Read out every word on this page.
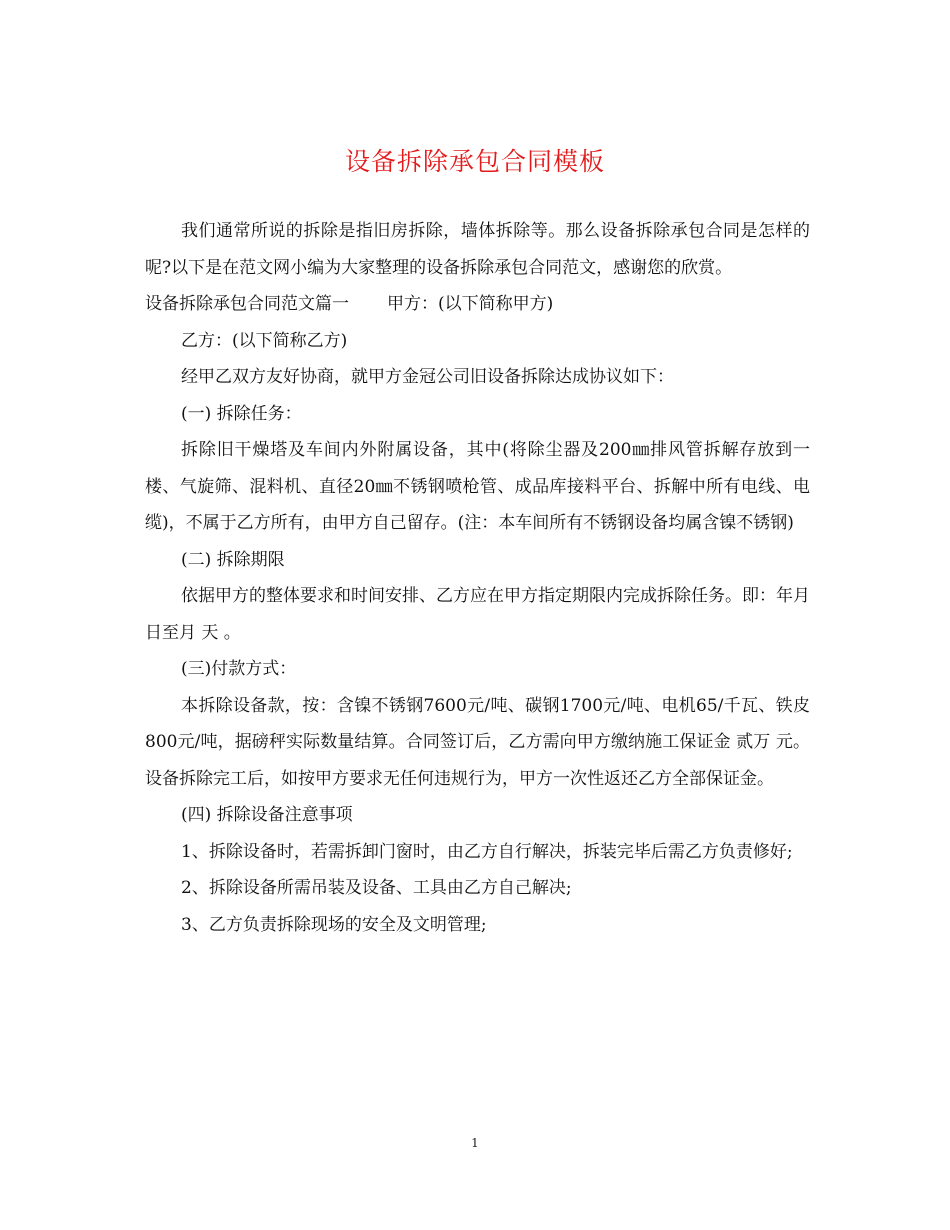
设备拆除承包合同模板

我们通常所说的拆除是指旧房拆除，墙体拆除等。那么设备拆除承包合同是怎样的呢?以下是在范文网小编为大家整理的设备拆除承包合同范文，感谢您的欣赏。

设备拆除承包合同范文篇一 甲方：(以下简称甲方)

乙方：(以下简称乙方)

经甲乙双方友好协商，就甲方金冠公司旧设备拆除达成协议如下：

(一) 拆除任务：

拆除旧干燥塔及车间内外附属设备，其中(将除尘器及200㎜排风管拆解存放到一楼、气旋筛、混料机、直径20㎜不锈钢喷枪管、成品库接料平台、拆解中所有电线、电缆)，不属于乙方所有，由甲方自己留存。(注：本车间所有不锈钢设备均属含镍不锈钢)

(二) 拆除期限

依据甲方的整体要求和时间安排、乙方应在甲方指定期限内完成拆除任务。即：年月日至月 天 。

(三)付款方式：

本拆除设备款，按：含镍不锈钢7600元/吨、碳钢1700元/吨、电机65/千瓦、铁皮800元/吨，据磅秤实际数量结算。合同签订后，乙方需向甲方缴纳施工保证金 贰万 元。设备拆除完工后，如按甲方要求无任何违规行为，甲方一次性返还乙方全部保证金。

(四) 拆除设备注意事项

1、拆除设备时，若需拆卸门窗时，由乙方自行解决，拆装完毕后需乙方负责修好;

2、拆除设备所需吊装及设备、工具由乙方自己解决;

3、乙方负责拆除现场的安全及文明管理;

1
